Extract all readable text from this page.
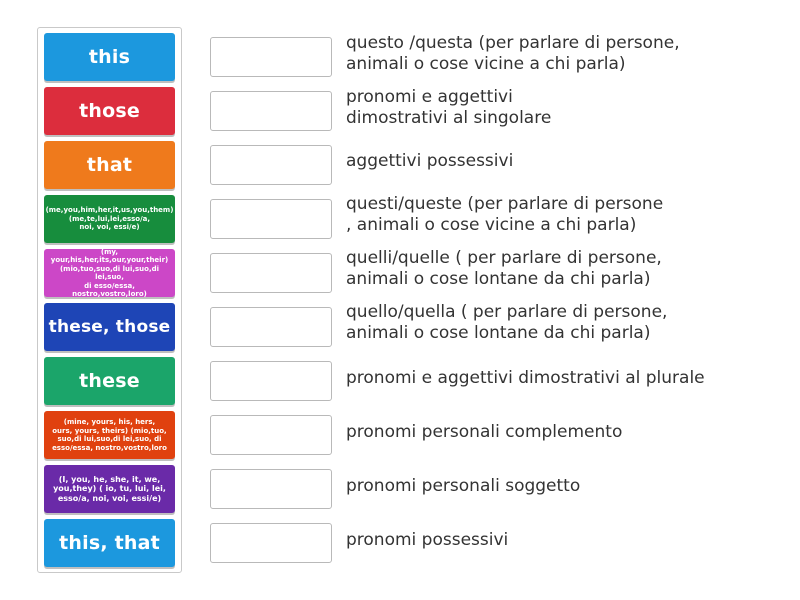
this
those
that
(me,you,him,her,it,us,you,them)
(me,te,lui,lei,esso/a,
noi, voi, essi/e)
(my,
your,his,her,its,our,your,their)
(mio,tuo,suo,di lui,suo,di lei,suo,
di esso/essa, nostro,vostro,loro)
these, those
these
(mine, yours, his, hers,
ours, yours, theirs) (mio,tuo,
suo,di lui,suo,di lei,suo, di
esso/essa, nostro,vostro,loro
(I, you, he, she, it, we,
you,they) ( io, tu, lui, lei,
esso/a, noi, voi, essi/e)
this, that
questo /questa (per parlare di persone,
animali o cose vicine a chi parla)
pronomi e aggettivi
dimostrativi al singolare
aggettivi possessivi
questi/queste (per parlare di persone
, animali o cose vicine a chi parla)
quelli/quelle ( per parlare di persone,
animali o cose lontane da chi parla)
quello/quella ( per parlare di persone,
animali o cose lontane da chi parla)
pronomi e aggettivi dimostrativi al plurale
pronomi personali complemento
pronomi personali soggetto
pronomi possessivi
